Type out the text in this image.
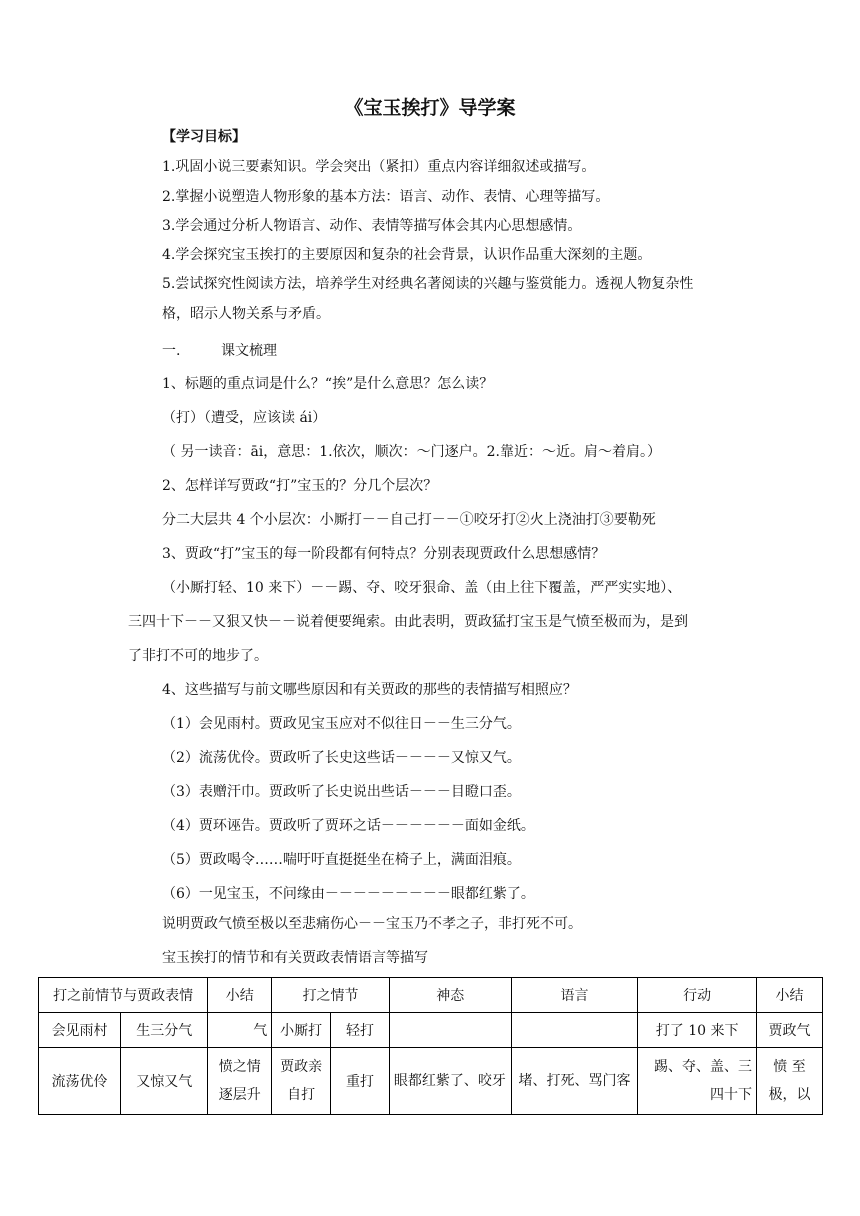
《宝玉挨打》导学案
【学习目标】
1.巩固小说三要素知识。学会突出（紧扣）重点内容详细叙述或描写。
2.掌握小说塑造人物形象的基本方法：语言、动作、表情、心理等描写。
3.学会通过分析人物语言、动作、表情等描写体会其内心思想感情。
4.学会探究宝玉挨打的主要原因和复杂的社会背景，认识作品重大深刻的主题。
5.尝试探究性阅读方法，培养学生对经典名著阅读的兴趣与鉴赏能力。透视人物复杂性
格，昭示人物关系与矛盾。
一.	课文梳理
1、标题的重点词是什么？“挨”是什么意思？怎么读？
（打）（遭受，应该读 ái）
（ 另一读音：āi，意思：1.依次，顺次：～门逐户。2.靠近：～近。肩～着肩。）
2、怎样详写贾政“打”宝玉的？分几个层次？
分二大层共 4 个小层次：小厮打－－自己打－－①咬牙打②火上浇油打③要勒死
3、贾政“打”宝玉的每一阶段都有何特点？分别表现贾政什么思想感情？
（小厮打轻、10 来下）－－踢、夺、咬牙狠命、盖（由上往下覆盖，严严实实地）、
三四十下－－又狠又快－－说着便要绳索。由此表明，贾政猛打宝玉是气愤至极而为，是到
了非打不可的地步了。
4、这些描写与前文哪些原因和有关贾政的那些的表情描写相照应？
（1）会见雨村。贾政见宝玉应对不似往日－－生三分气。
（2）流荡优伶。贾政听了长史这些话－－－－又惊又气。
（3）表赠汗巾。贾政听了长史说出些话－－－目瞪口歪。
（4）贾环诬告。贾政听了贾环之话－－－－－－面如金纸。
（5）贾政喝令……喘吁吁直挺挺坐在椅子上，满面泪痕。
（6）一见宝玉，不问缘由－－－－－－－－－眼都红紫了。
说明贾政气愤至极以至悲痛伤心－－宝玉乃不孝之子，非打死不可。
宝玉挨打的情节和有关贾政表情语言等描写
打之前情节与贾政表情		小结	打之情节		神态	语言	行动	小结
会见雨村	生三分气	气	小厮打	轻打			打了 10 来下	贾政气
流荡优伶	又惊又气	愤之情逐层升	贾政亲自打	重打	眼都红紫了、咬牙	堵、打死、骂门客	踢、夺、盖、三四十下	愤 至 极，以
